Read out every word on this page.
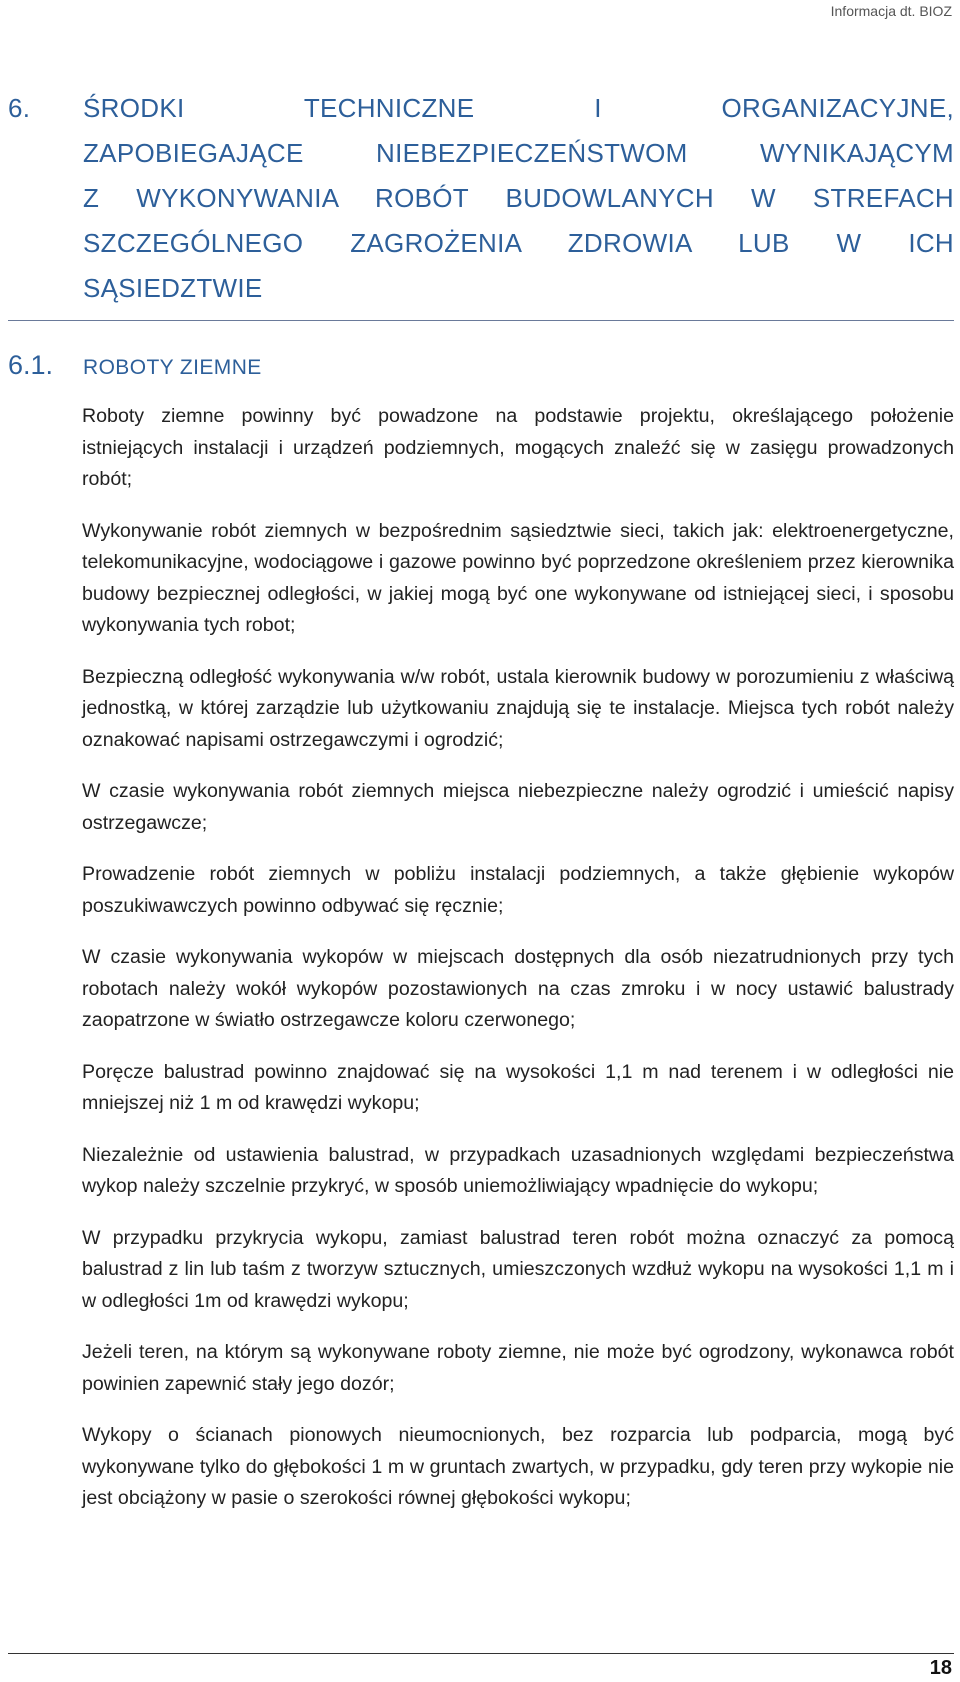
Informacja dt. BIOZ
6.	ŚRODKI TECHNICZNE I ORGANIZACYJNE,
ZAPOBIEGAJĄCE NIEBEZPIECZEŃSTWOM WYNIKAJĄCYM
Z WYKONYWANIA ROBÓT BUDOWLANYCH W STREFACH
SZCZEGÓLNEGO ZAGROŻENIA ZDROWIA LUB W ICH
SĄSIEDZTWIE
6.1.	ROBOTY ZIEMNE

Roboty ziemne powinny być powadzone na podstawie projektu, określającego położenie istniejących instalacji i urządzeń podziemnych, mogących znaleźć się w zasięgu prowadzonych robót;

Wykonywanie robót ziemnych w bezpośrednim sąsiedztwie sieci, takich jak: elektroenergetyczne, telekomunikacyjne, wodociągowe i gazowe powinno być poprzedzone określeniem przez kierownika budowy bezpiecznej odległości, w jakiej mogą być one wykonywane od istniejącej sieci, i sposobu wykonywania tych robot;

Bezpieczną odległość wykonywania w/w robót, ustala kierownik budowy w porozumieniu z właściwą jednostką, w której zarządzie lub użytkowaniu znajdują się te instalacje. Miejsca tych robót należy oznakować napisami ostrzegawczymi i ogrodzić;

W czasie wykonywania robót ziemnych miejsca niebezpieczne należy ogrodzić i umieścić napisy ostrzegawcze;

Prowadzenie robót ziemnych w pobliżu instalacji podziemnych, a także głębienie wykopów poszukiwawczych powinno odbywać się ręcznie;

W czasie wykonywania wykopów w miejscach dostępnych dla osób niezatrudnionych przy tych robotach należy wokół wykopów pozostawionych na czas zmroku i w nocy ustawić balustrady zaopatrzone w światło ostrzegawcze koloru czerwonego;

Poręcze balustrad powinno znajdować się na wysokości 1,1 m nad terenem i w odległości nie mniejszej niż 1 m od krawędzi wykopu;

Niezależnie od ustawienia balustrad, w przypadkach uzasadnionych względami bezpieczeństwa wykop należy szczelnie przykryć, w sposób uniemożliwiający wpadnięcie do wykopu;

W przypadku przykrycia wykopu, zamiast balustrad teren robót można oznaczyć za pomocą balustrad z lin lub taśm z tworzyw sztucznych, umieszczonych wzdłuż wykopu na wysokości 1,1 m i w odległości 1m od krawędzi wykopu;

Jeżeli teren, na którym są wykonywane roboty ziemne, nie może być ogrodzony, wykonawca robót powinien zapewnić stały jego dozór;

Wykopy o ścianach pionowych nieumocnionych, bez rozparcia lub podparcia, mogą być wykonywane tylko do głębokości 1 m w gruntach zwartych, w przypadku, gdy teren przy wykopie nie jest obciążony w pasie o szerokości równej głębokości wykopu;

18
